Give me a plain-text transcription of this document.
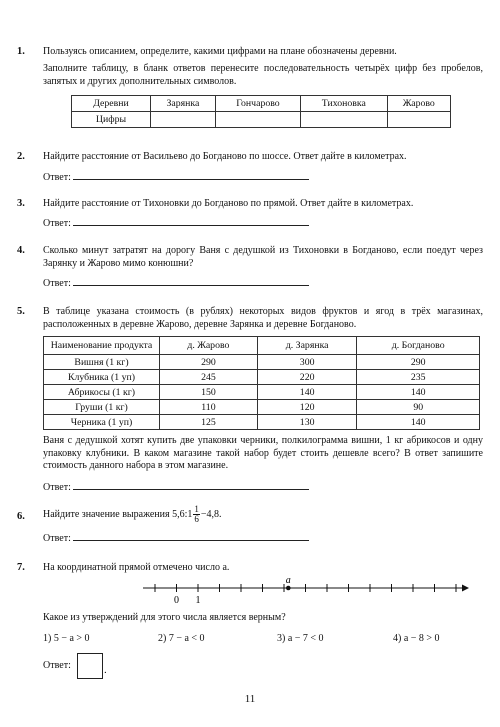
1. Пользуясь описанием, определите, какими цифрами на плане обозначены деревни.
Заполните таблицу, в бланк ответов перенесите последовательность четырёх цифр без пробелов, запятых и других дополнительных символов.
Деревни	Зарянка	Гончарово	Тихоновка	Жарово
Цифры				
2. Найдите расстояние от Васильево до Богданово по шоссе. Ответ дайте в километрах.
Ответ:
3. Найдите расстояние от Тихоновки до Богданово по прямой. Ответ дайте в километрах.
Ответ:
4. Сколько минут затратят на дорогу Ваня с дедушкой из Тихоновки в Богданово, если поедут через Зарянку и Жарово мимо конюшни?
Ответ:
5. В таблице указана стоимость (в рублях) некоторых видов фруктов и ягод в трёх магазинах, расположенных в деревне Жарово, деревне Зарянка и деревне Богданово.
Наименование продукта	д. Жарово	д. Зарянка	д. Богданово
Вишня (1 кг)	290	300	290
Клубника (1 уп)	245	220	235
Абрикосы (1 кг)	150	140	140
Груши (1 кг)	110	120	90
Черника (1 уп)	125	130	140
Ваня с дедушкой хотят купить две упаковки черники, полкилограмма вишни, 1 кг абрикосов и одну упаковку клубники. В каком магазине такой набор будет стоить дешевле всего? В ответ запишите стоимость данного набора в этом магазине.
Ответ:
6. Найдите значение выражения 5,6:1 $\frac{1}{6} -4,8$.
Ответ:
7. На координатной прямой отмечено число a.
0 1
a
Какое из утверждений для этого числа является верным?
1) 5 − a > 0	2) 7 − a < 0	3) a − 7 < 0	4) a − 8 > 0
Ответ:	.
11
